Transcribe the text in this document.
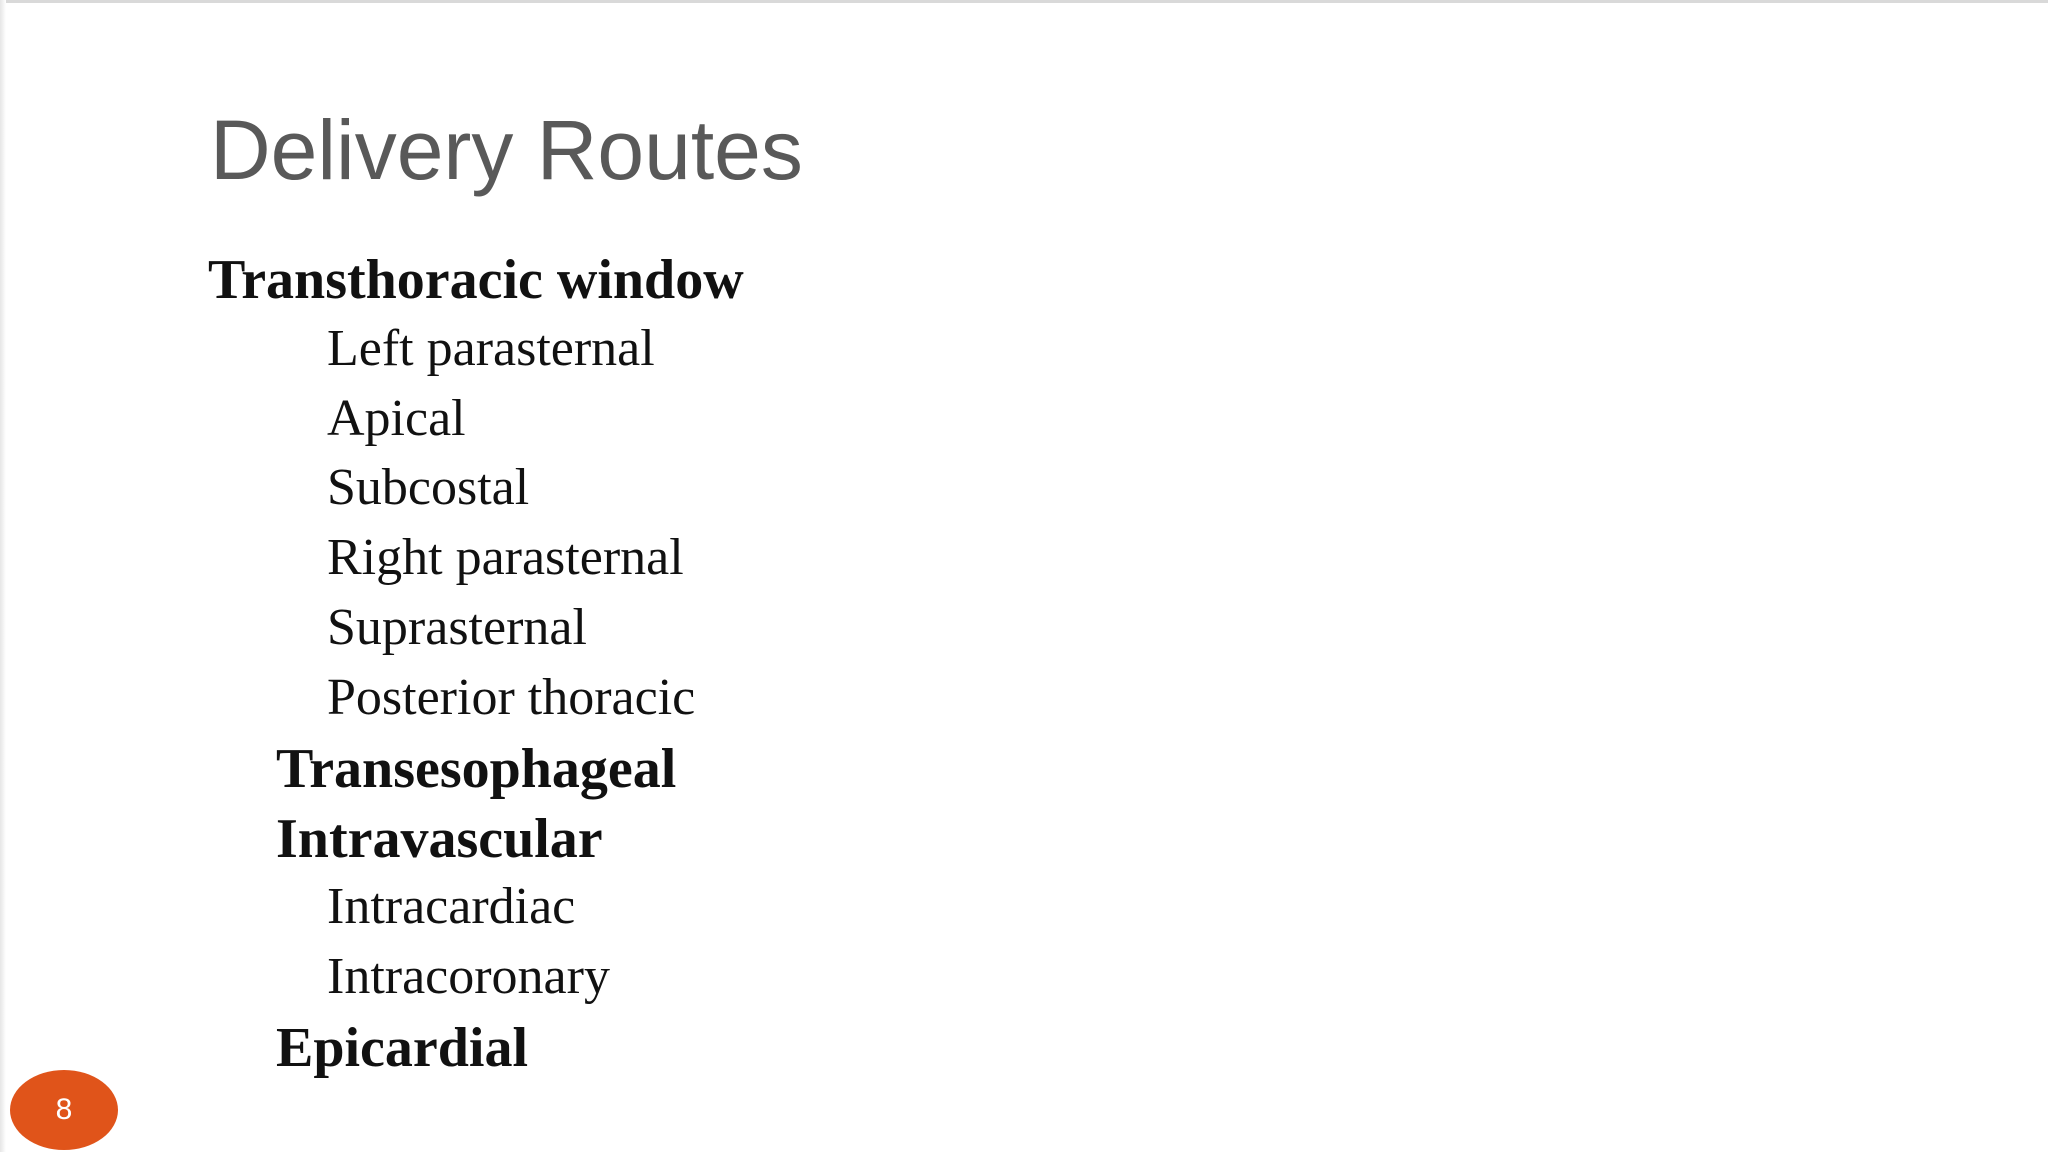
Delivery Routes

Transthoracic window

Left parasternal

Apical

Subcostal

Right parasternal

Suprasternal

Posterior thoracic

Transesophageal

Intravascular

Intracardiac

Intracoronary

Epicardial

8
